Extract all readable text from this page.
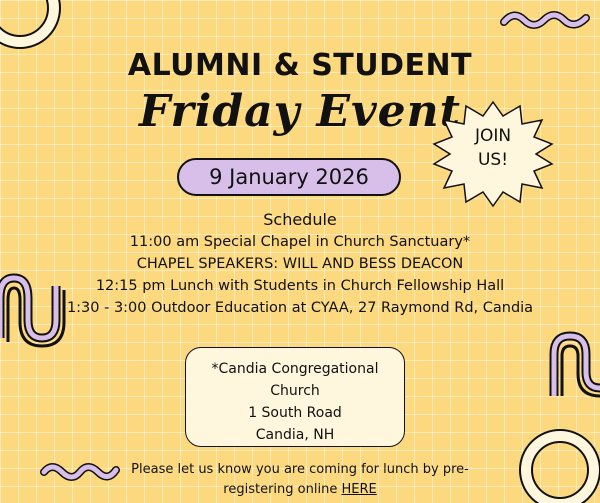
ALUMNI & STUDENT
Friday Event JOIN
US!
9 January 2026
Schedule
11:00 am Special Chapel in Church Sanctuary*
CHAPEL SPEAKERS: WILL AND BESS DEACON
12:15 pm Lunch with Students in Church Fellowship Hall
1:30 - 3:00 Outdoor Education at CYAA, 27 Raymond Rd, Candia
*Candia Congregational Church
1 South Road
Candia, NH
Please let us know you are coming for lunch by pre-registering online HERE
